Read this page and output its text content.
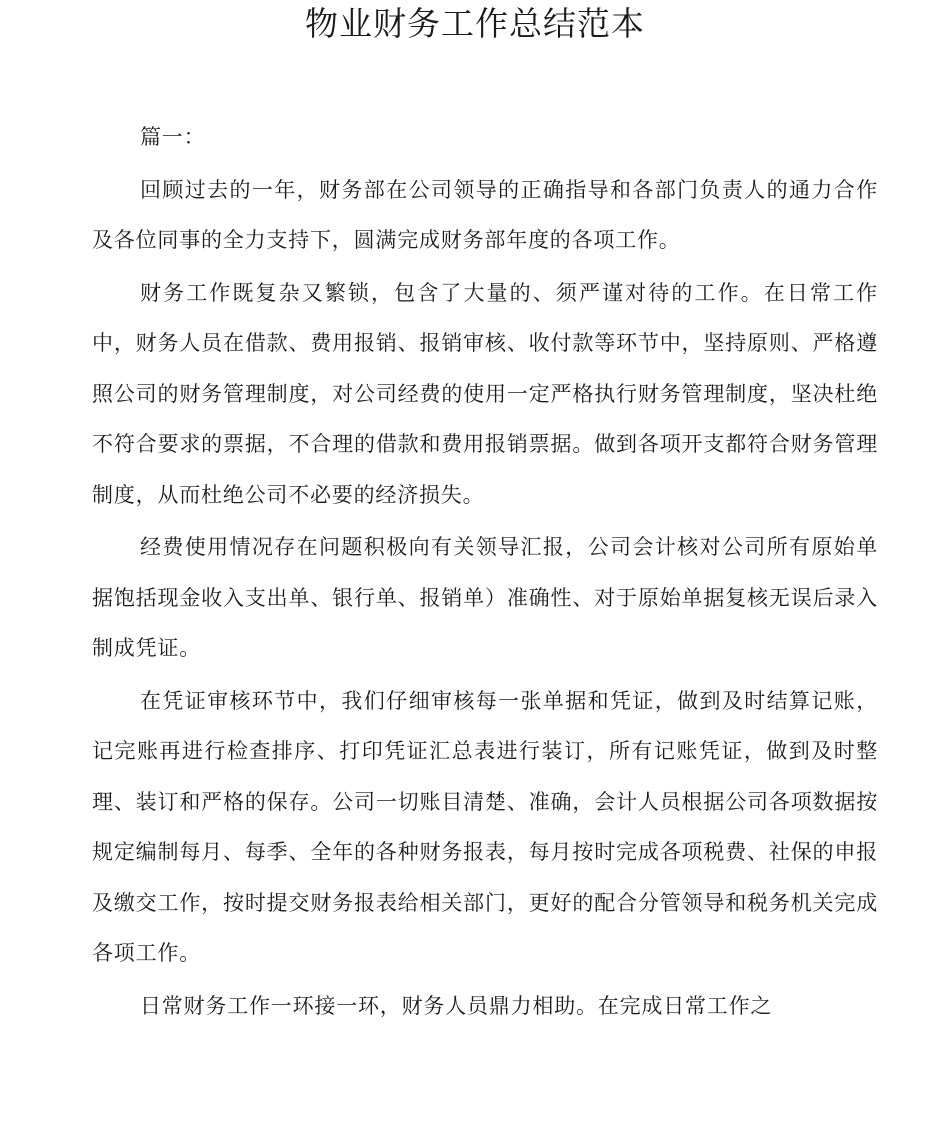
物业财务工作总结范本

篇一：

回顾过去的一年，财务部在公司领导的正确指导和各部门负责人的通力合作及各位同事的全力支持下，圆满完成财务部年度的各项工作。

财务工作既复杂又繁锁，包含了大量的、须严谨对待的工作。在日常工作中，财务人员在借款、费用报销、报销审核、收付款等环节中，坚持原则、严格遵照公司的财务管理制度，对公司经费的使用一定严格执行财务管理制度，坚决杜绝不符合要求的票据，不合理的借款和费用报销票据。做到各项开支都符合财务管理制度，从而杜绝公司不必要的经济损失。

经费使用情况存在问题积极向有关领导汇报，公司会计核对公司所有原始单据饱括现金收入支出单、银行单、报销单）准确性、对于原始单据复核无误后录入制成凭证。

在凭证审核环节中，我们仔细审核每一张单据和凭证，做到及时结算记账，记完账再进行检查排序、打印凭证汇总表进行装订，所有记账凭证，做到及时整理、装订和严格的保存。公司一切账目清楚、准确，会计人员根据公司各项数据按规定编制每月、每季、全年的各种财务报表，每月按时完成各项税费、社保的申报及缴交工作，按时提交财务报表给相关部门，更好的配合分管领导和税务机关完成各项工作。

日常财务工作一环接一环，财务人员鼎力相助。在完成日常工作之
